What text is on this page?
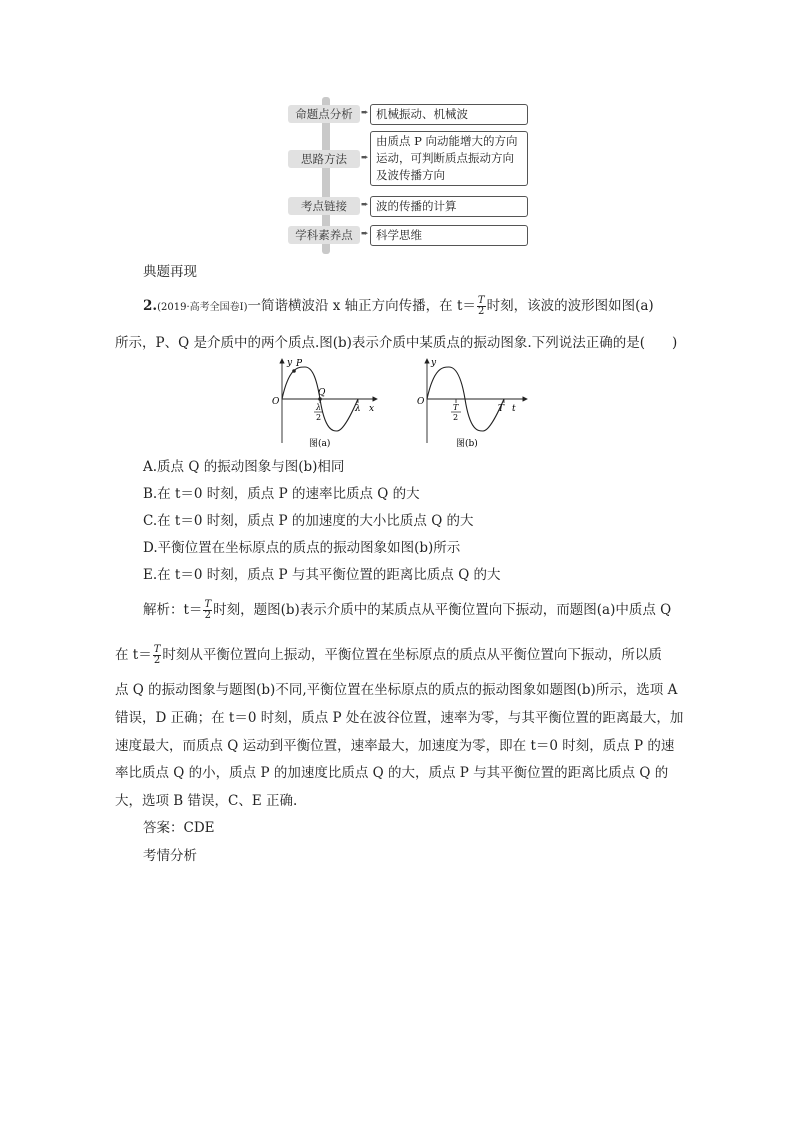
命题点分析 ➨ 机械振动、机械波
思路方法	➨
由质点 P 向动能增大的方向
运动，可判断质点振动方向
及波传播方向
考点链接	➨ 波的传播的计算
学科素养点 ➨ 科学思维
典题再现
2.(2019·高考全国卷Ⅰ)一简谐横波沿 x 轴正方向传播，在 $t= \frac{T}{2}$ 时刻，该波的波形图如图(a)
所示，P、Q 是介质中的两个质点.图(b)表示介质中某质点的振动图象.下列说法正确的是(　　)
y P
Q
O
λ
2
λ x
图(a)
y
O
T
2
T t
图(b)
A.质点 Q 的振动图象与图(b)相同
B.在 t＝0 时刻，质点 P 的速率比质点 Q 的大
C.在 t＝0 时刻，质点 P 的加速度的大小比质点 Q 的大
D.平衡位置在坐标原点的质点的振动图象如图(b)所示
E.在 t＝0 时刻，质点 P 与其平衡位置的距离比质点 Q 的大
解析：$t= \frac{T}{2}$ 时刻，题图(b)表示介质中的某质点从平衡位置向下振动，而题图(a)中质点 Q
在 $t= \frac{T}{2}$ 时刻从平衡位置向上振动，平衡位置在坐标原点的质点从平衡位置向下振动，所以质
点 Q 的振动图象与题图(b)不同,平衡位置在坐标原点的质点的振动图象如题图(b)所示，选项 A
错误，D 正确；在 t＝0 时刻，质点 P 处在波谷位置，速率为零，与其平衡位置的距离最大，加
速度最大，而质点 Q 运动到平衡位置，速率最大，加速度为零，即在 t＝0 时刻，质点 P 的速
率比质点 Q 的小，质点 P 的加速度比质点 Q 的大，质点 P 与其平衡位置的距离比质点 Q 的
大，选项 B 错误，C、E 正确.
答案：CDE
考情分析
